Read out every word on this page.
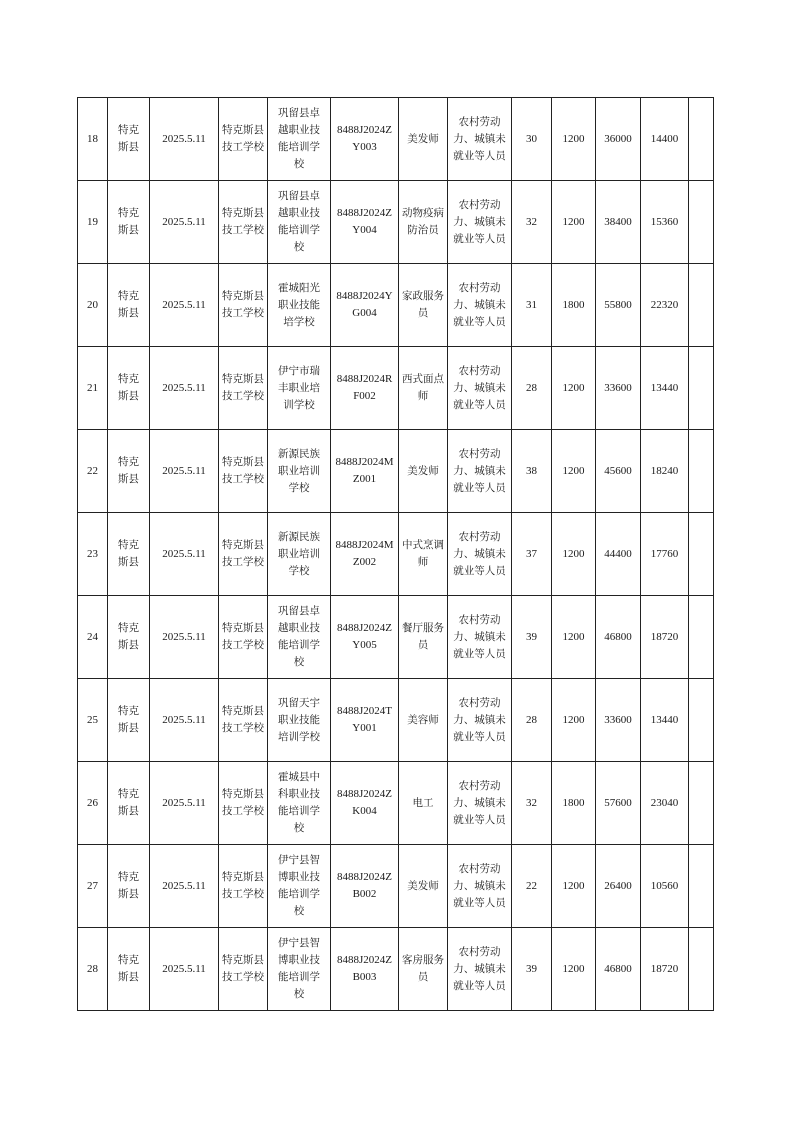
18	特克斯县	2025.5.11	特克斯县技工学校	巩留县卓越职业技能培训学校	8488J2024ZY003	美发师	农村劳动力、城镇未就业等人员	30	1200	36000	14400	
19	特克斯县	2025.5.11	特克斯县技工学校	巩留县卓越职业技能培训学校	8488J2024ZY004	动物疫病防治员	农村劳动力、城镇未就业等人员	32	1200	38400	15360	
20	特克斯县	2025.5.11	特克斯县技工学校	霍城阳光职业技能培学校	8488J2024YG004	家政服务员	农村劳动力、城镇未就业等人员	31	1800	55800	22320	
21	特克斯县	2025.5.11	特克斯县技工学校	伊宁市瑞丰职业培训学校	8488J2024RF002	西式面点师	农村劳动力、城镇未就业等人员	28	1200	33600	13440	
22	特克斯县	2025.5.11	特克斯县技工学校	新源民族职业培训学校	8488J2024MZ001	美发师	农村劳动力、城镇未就业等人员	38	1200	45600	18240	
23	特克斯县	2025.5.11	特克斯县技工学校	新源民族职业培训学校	8488J2024MZ002	中式烹调师	农村劳动力、城镇未就业等人员	37	1200	44400	17760	
24	特克斯县	2025.5.11	特克斯县技工学校	巩留县卓越职业技能培训学校	8488J2024ZY005	餐厅服务员	农村劳动力、城镇未就业等人员	39	1200	46800	18720	
25	特克斯县	2025.5.11	特克斯县技工学校	巩留天宇职业技能培训学校	8488J2024TY001	美容师	农村劳动力、城镇未就业等人员	28	1200	33600	13440	
26	特克斯县	2025.5.11	特克斯县技工学校	霍城县中科职业技能培训学校	8488J2024ZK004	电工	农村劳动力、城镇未就业等人员	32	1800	57600	23040	
27	特克斯县	2025.5.11	特克斯县技工学校	伊宁县智博职业技能培训学校	8488J2024ZB002	美发师	农村劳动力、城镇未就业等人员	22	1200	26400	10560	
28	特克斯县	2025.5.11	特克斯县技工学校	伊宁县智博职业技能培训学校	8488J2024ZB003	客房服务员	农村劳动力、城镇未就业等人员	39	1200	46800	18720	
